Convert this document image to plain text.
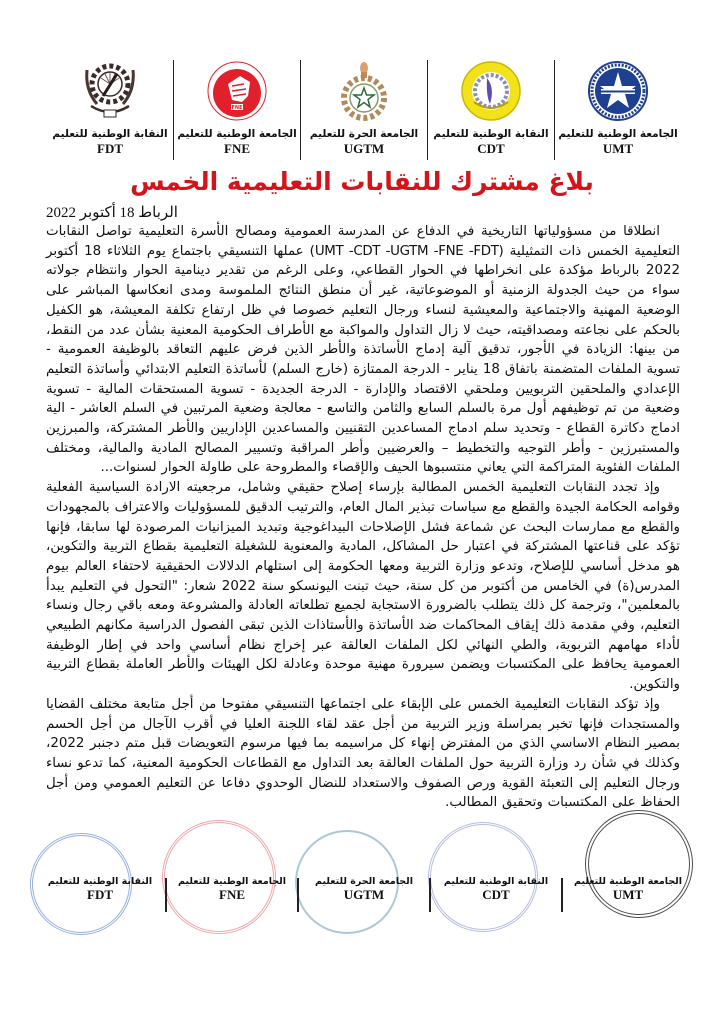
الجامعة الوطنية للتعليم
UMT
النقابة الوطنية للتعليم
CDT
الجامعة الحرة للتعليم
UGTM
FNE
الجامعة الوطنية للتعليم
FNE
النقابة الوطنية للتعليم
FDT
بلاغ مشترك للنقابات التعليمية الخمس
الرباط 18 أكتوبر 2022

انطلاقا من مسؤولياتها التاريخية في الدفاع عن المدرسة العمومية ومصالح الأسرة التعليمية تواصل النقابات التعليمية الخمس ذات التمثيلية (UMT -CDT -UGTM -FNE -FDT) عملها التنسيقي باجتماع يوم الثلاثاء 18 أكتوبر 2022 بالرباط مؤكدة على انخراطها في الحوار القطاعي، وعلى الرغم من تقدير دينامية الحوار وانتظام جولاته سواء من حيث الجدولة الزمنية أو الموضوعاتية، غير أن منطق النتائج الملموسة ومدى انعكاسها المباشر على الوضعية المهنية والاجتماعية والمعيشية لنساء ورجال التعليم خصوصا في ظل ارتفاع تكلفة المعيشة، هو الكفيل بالحكم على نجاعته ومصداقيته، حيث لا زال التداول والمواكبة مع الأطراف الحكومية المعنية بشأن عدد من النقط، من بينها: الزيادة في الأجور، تدقيق آلية إدماج الأساتذة والأطر الذين فرض عليهم التعاقد بالوظيفة العمومية - تسوية الملفات المتضمنة باتفاق 18 يناير - الدرجة الممتازة (خارج السلم) لأساتذة التعليم الابتدائي وأساتذة التعليم الإعدادي والملحقين التربويين وملحقي الاقتصاد والإدارة - الدرجة الجديدة - تسوية المستحقات المالية - تسوية وضعية من تم توظيفهم أول مرة بالسلم السابع والثامن والتاسع - معالجة وضعية المرتبين في السلم العاشر - الية ادماج دكاترة القطاع - وتحديد سلم ادماج المساعدين التقنيين والمساعدين الإداريين والأطر المشتركة، والمبرزين والمستبرزين - وأطر التوجيه والتخطيط – والعرضيين وأطر المراقبة وتسيير المصالح المادية والمالية، ومختلف الملفات الفئوية المتراكمة التي يعاني منتسبوها الحيف والإقصاء والمطروحة على طاولة الحوار لسنوات...

وإذ تجدد النقابات التعليمية الخمس المطالبة بإرساء إصلاح حقيقي وشامل، مرجعيته الارادة السياسية الفعلية وقوامه الحكامة الجيدة والقطع مع سياسات تبذير المال العام، والترتيب الدقيق للمسؤوليات والاعتراف بالمجهودات والقطع مع ممارسات البحث عن شماعة فشل الإصلاحات البيداغوجية وتبديد الميزانيات المرصودة لها سابقا، فإنها تؤكد على قناعتها المشتركة في اعتبار حل المشاكل، المادية والمعنوية للشغيلة التعليمية بقطاع التربية والتكوين، هو مدخل أساسي للإصلاح، وتدعو وزارة التربية ومعها الحكومة إلى استلهام الدلالات الحقيقية لاحتفاء العالم بيوم المدرس(ة) في الخامس من أكتوبر من كل سنة، حيث تبنت اليونسكو سنة 2022 شعار: "التحول في التعليم يبدأ بالمعلمين"، وترجمة كل ذلك يتطلب بالضرورة الاستجابة لجميع تطلعاته العادلة والمشروعة ومعه باقي رجال ونساء التعليم، وفي مقدمة ذلك إيقاف المحاكمات ضد الأساتذة والأستاذات الذين تبقى الفصول الدراسية مكانهم الطبيعي لأداء مهامهم التربوية، والطي النهائي لكل الملفات العالقة عبر إخراج نظام أساسي واحد في إطار الوظيفة العمومية يحافظ على المكتسبات ويضمن سيرورة مهنية موحدة وعادلة لكل الهيئات والأطر العاملة بقطاع التربية والتكوين.

وإذ تؤكد النقابات التعليمية الخمس على الإبقاء على اجتماعها التنسيقي مفتوحا من أجل متابعة مختلف القضايا والمستجدات فإنها تخبر بمراسلة وزير التربية من أجل عقد لقاء اللجنة العليا في أقرب الآجال من أجل الحسم بمصير النظام الاساسي الذي من المفترض إنهاء كل مراسيمه بما فيها مرسوم التعويضات قبل متم دجنبر 2022، وكذلك في شأن رد وزارة التربية حول الملفات العالقة بعد التداول مع القطاعات الحكومية المعنية، كما تدعو نساء ورجال التعليم إلى التعبئة القوية ورص الصفوف والاستعداد للنضال الوحدوي دفاعا عن التعليم العمومي ومن أجل الحفاظ على المكتسبات وتحقيق المطالب.

الجامعة الوطنية للتعليم
UMT
النقابة الوطنية للتعليم
CDT
الجامعة الحرة للتعليم
UGTM
الجامعة الوطنية للتعليم
FNE
النقابة الوطنية للتعليم
FDT
